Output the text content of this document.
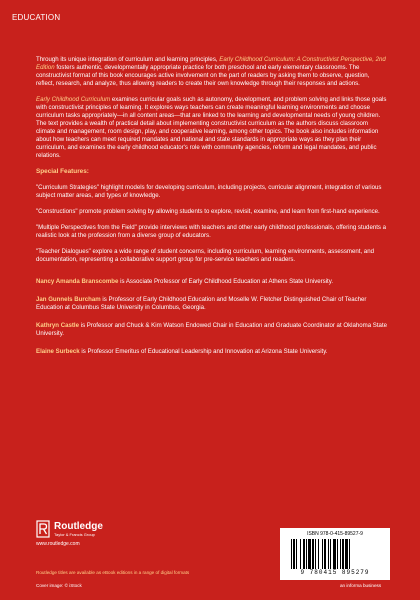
EDUCATION

Through its unique integration of curriculum and learning principles, Early Childhood Curriculum: A Constructivist Perspective, 2nd Edition fosters authentic, developmentally appropriate practice for both preschool and early elementary classrooms. The constructivist format of this book encourages active involvement on the part of readers by asking them to observe, question, reflect, research, and analyze, thus allowing readers to create their own knowledge through their responses and actions.

Early Childhood Curriculum examines curricular goals such as autonomy, development, and problem solving and links those goals with constructivist principles of learning. It explores ways teachers can create meaningful learning environments and choose curriculum tasks appropriately—in all content areas—that are linked to the learning and developmental needs of young children. The text provides a wealth of practical detail about implementing constructivist curriculum as the authors discuss classroom climate and management, room design, play, and cooperative learning, among other topics. The book also includes information about how teachers can meet required mandates and national and state standards in appropriate ways as they plan their curriculum, and examines the early childhood educator's role with community agencies, reform and legal mandates, and public relations.

Special Features:
"Curriculum Strategies" highlight models for developing curriculum, including projects, curricular alignment, integration of various subject matter areas, and types of knowledge.
"Constructions" promote problem solving by allowing students to explore, revisit, examine, and learn from first-hand experience.
"Multiple Perspectives from the Field" provide interviews with teachers and other early childhood professionals, offering students a realistic look at the profession from a diverse group of educators.
"Teacher Dialogues" explore a wide range of student concerns, including curriculum, learning environments, assessment, and documentation, representing a collaborative support group for pre-service teachers and readers.
Nancy Amanda Branscombe is Associate Professor of Early Childhood Education at Athens State University.
Jan Gunnels Burcham is Professor of Early Childhood Education and Moselle W. Fletcher Distinguished Chair of Teacher Education at Columbus State University in Columbus, Georgia.
Kathryn Castle is Professor and Chuck & Kim Watson Endowed Chair in Education and Graduate Coordinator at Oklahoma State University.
Elaine Surbeck is Professor Emeritus of Educational Leadership and Innovation at Arizona State University.
Routledge
Taylor & Francis Group
www.routledge.com
Routledge titles are available as eBook editions in a range of digital formats
Cover image: © iStock
ISBN 978-0-415-89527-9
9 780415 895279
an informa business
